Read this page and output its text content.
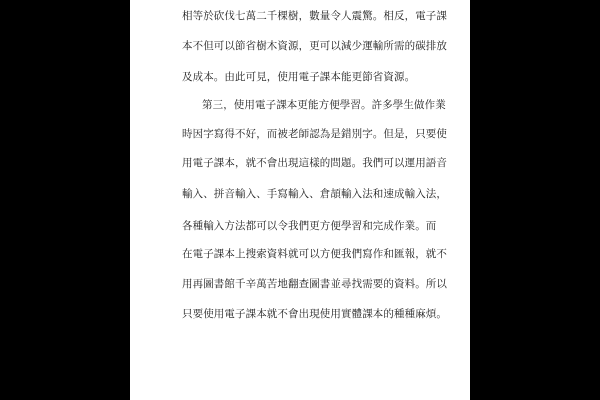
相等於砍伐七萬二千棵樹，數量令人震驚。相反，電子課
本不但可以節省樹木資源，更可以減少運輸所需的碳排放
及成本。由此可見，使用電子課本能更節省資源。
第三，使用電子課本更能方便學習。許多學生做作業
時因字寫得不好，而被老師認為是錯別字。但是，只要使
用電子課本，就不會出現這樣的問題。我們可以運用語音
輸入、拼音輸入、手寫輸入、倉頡輸入法和速成輸入法，
各種輸入方法都可以令我們更方便學習和完成作業。而
在電子課本上搜索資料就可以方便我們寫作和匯報，就不
用再圖書館千辛萬苦地翻查圖書並尋找需要的資料。所以
只要使用電子課本就不會出現使用實體課本的種種麻煩。
